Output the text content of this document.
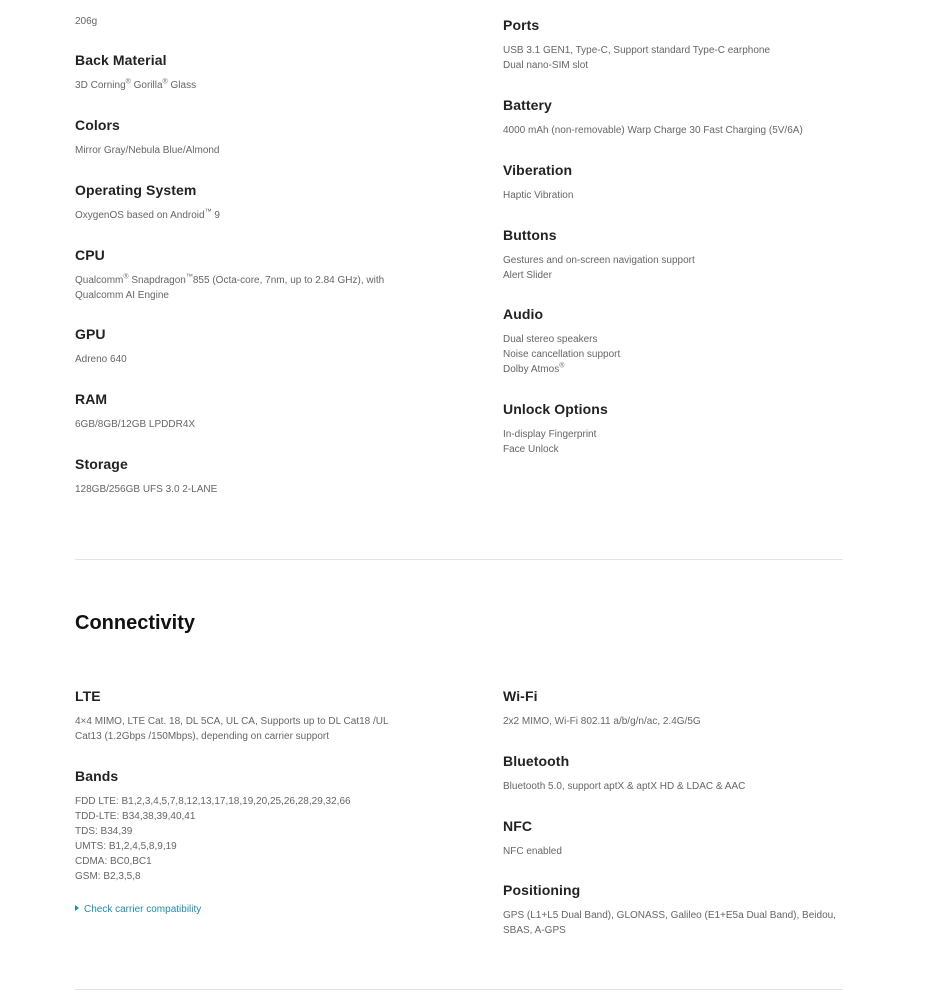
206g
Back Material
3D Corning® Gorilla® Glass
Colors
Mirror Gray/Nebula Blue/Almond
Operating System
OxygenOS based on Android™ 9
CPU
Qualcomm® Snapdragon™855 (Octa-core, 7nm, up to 2.84 GHz), with
Qualcomm AI Engine
GPU
Adreno 640
RAM
6GB/8GB/12GB LPDDR4X
Storage
128GB/256GB UFS 3.0 2-LANE
Ports
USB 3.1 GEN1, Type-C, Support standard Type-C earphone
Dual nano-SIM slot
Battery
4000 mAh (non-removable) Warp Charge 30 Fast Charging (5V/6A)
Viberation
Haptic Vibration
Buttons
Gestures and on-screen navigation support
Alert Slider
Audio
Dual stereo speakers
Noise cancellation support
Dolby Atmos®
Unlock Options
In-display Fingerprint
Face Unlock
Connectivity
LTE
4×4 MIMO, LTE Cat. 18, DL 5CA, UL CA, Supports up to DL Cat18 /UL
Cat13 (1.2Gbps /150Mbps), depending on carrier support
Bands
FDD LTE: B1,2,3,4,5,7,8,12,13,17,18,19,20,25,26,28,29,32,66
TDD-LTE: B34,38,39,40,41
TDS: B34,39
UMTS: B1,2,4,5,8,9,19
CDMA: BC0,BC1
GSM: B2,3,5,8
Check carrier compatibility
Wi-Fi
2x2 MIMO, Wi-Fi 802.11 a/b/g/n/ac, 2.4G/5G
Bluetooth
Bluetooth 5.0, support aptX & aptX HD & LDAC & AAC
NFC
NFC enabled
Positioning
GPS (L1+L5 Dual Band), GLONASS, Galileo (E1+E5a Dual Band), Beidou,
SBAS, A-GPS
